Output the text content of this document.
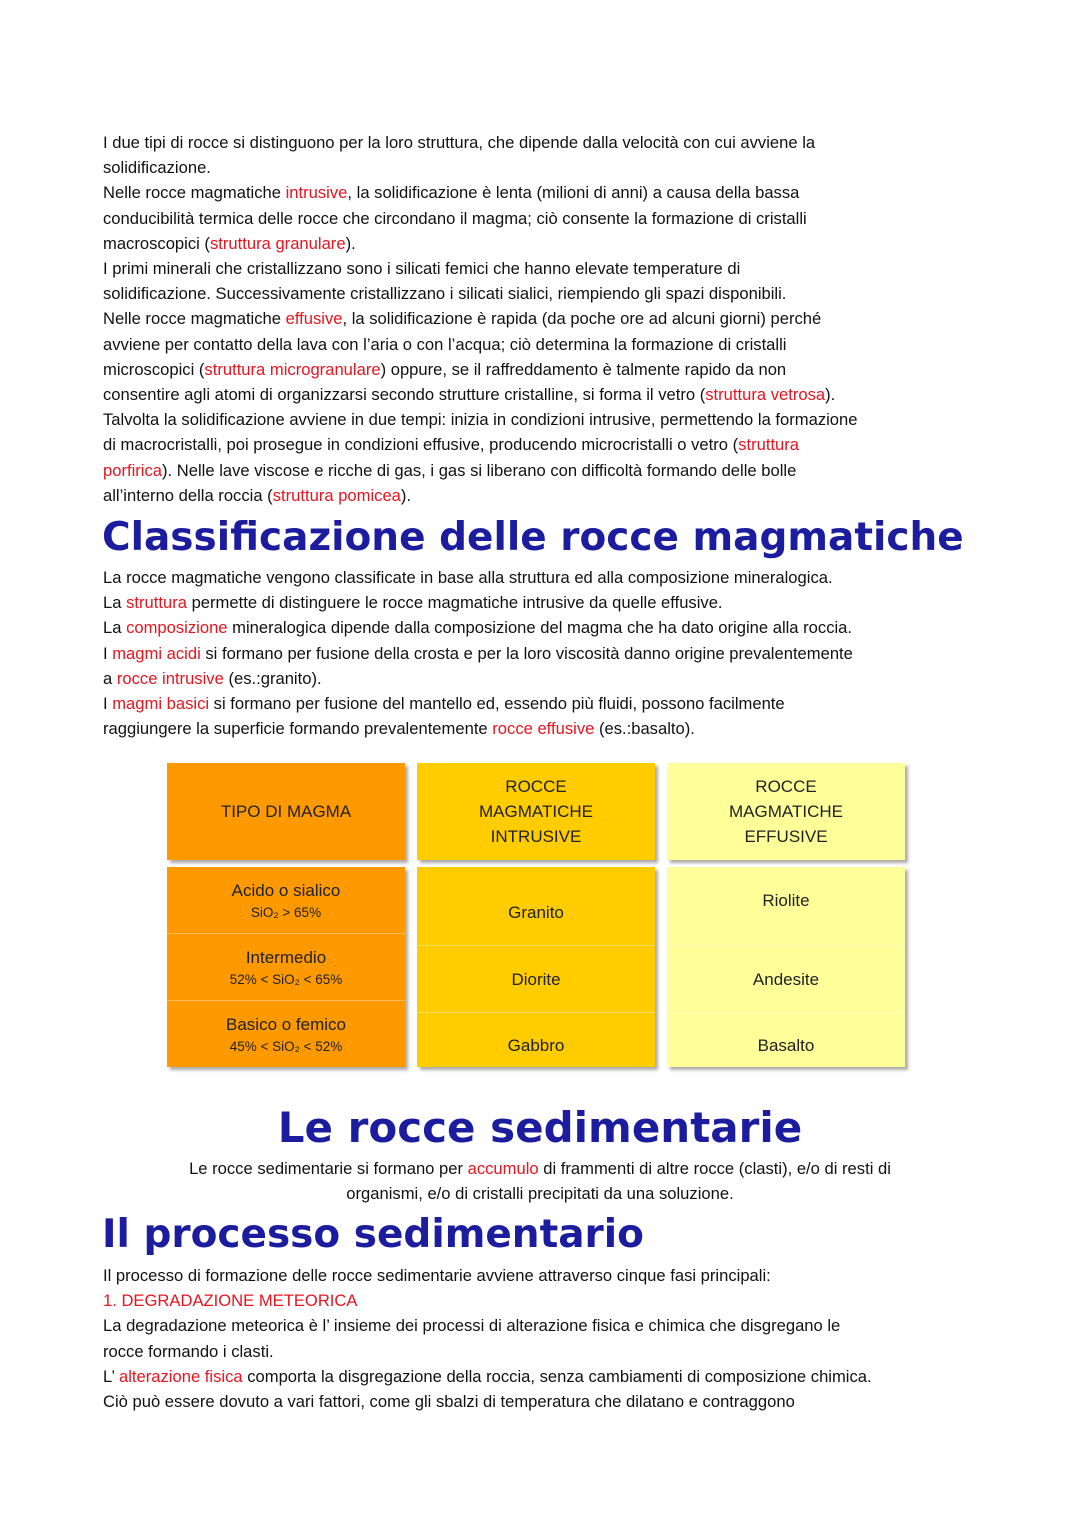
I due tipi di rocce si distinguono per la loro struttura, che dipende dalla velocità con cui avviene la
solidificazione.
Nelle rocce magmatiche intrusive, la solidificazione è lenta (milioni di anni) a causa della bassa
conducibilità termica delle rocce che circondano il magma; ciò consente la formazione di cristalli
macroscopici (struttura granulare).
I primi minerali che cristallizzano sono i silicati femici che hanno elevate temperature di
solidificazione. Successivamente cristallizzano i silicati sialici, riempiendo gli spazi disponibili.
Nelle rocce magmatiche effusive, la solidificazione è rapida (da poche ore ad alcuni giorni) perché
avviene per contatto della lava con l’aria o con l’acqua; ciò determina la formazione di cristalli
microscopici (struttura microgranulare) oppure, se il raffreddamento è talmente rapido da non
consentire agli atomi di organizzarsi secondo strutture cristalline, si forma il vetro (struttura vetrosa).
Talvolta la solidificazione avviene in due tempi: inizia in condizioni intrusive, permettendo la formazione
di macrocristalli, poi prosegue in condizioni effusive, producendo microcristalli o vetro (struttura
porfirica). Nelle lave viscose e ricche di gas, i gas si liberano con difficoltà formando delle bolle
all’interno della roccia (struttura pomicea).
Classificazione delle rocce magmatiche
La rocce magmatiche vengono classificate in base alla struttura ed alla composizione mineralogica.
La struttura permette di distinguere le rocce magmatiche intrusive da quelle effusive.
La composizione mineralogica dipende dalla composizione del magma che ha dato origine alla roccia.
I magmi acidi si formano per fusione della crosta e per la loro viscosità danno origine prevalentemente
a rocce intrusive (es.:granito).
I magmi basici si formano per fusione del mantello ed, essendo più fluidi, possono facilmente
raggiungere la superficie formando prevalentemente rocce effusive (es.:basalto).
TIPO DI MAGMA
ROCCE MAGMATICHE INTRUSIVE
ROCCE MAGMATICHE EFFUSIVE
Acido o sialico
SiO₂ > 65%
Intermedio
52% < SiO₂ < 65%
Basico o femico
45% < SiO₂ < 52%
Granito
Diorite
Gabbro
Riolite
Andesite
Basalto
Le rocce sedimentarie
Le rocce sedimentarie si formano per accumulo di frammenti di altre rocce (clasti), e/o di resti di
organismi, e/o di cristalli precipitati da una soluzione.
Il processo sedimentario
Il processo di formazione delle rocce sedimentarie avviene attraverso cinque fasi principali:
1. DEGRADAZIONE METEORICA
La degradazione meteorica è l’ insieme dei processi di alterazione fisica e chimica che disgregano le
rocce formando i clasti.
L’ alterazione fisica comporta la disgregazione della roccia, senza cambiamenti di composizione chimica.
Ciò può essere dovuto a vari fattori, come gli sbalzi di temperatura che dilatano e contraggono
